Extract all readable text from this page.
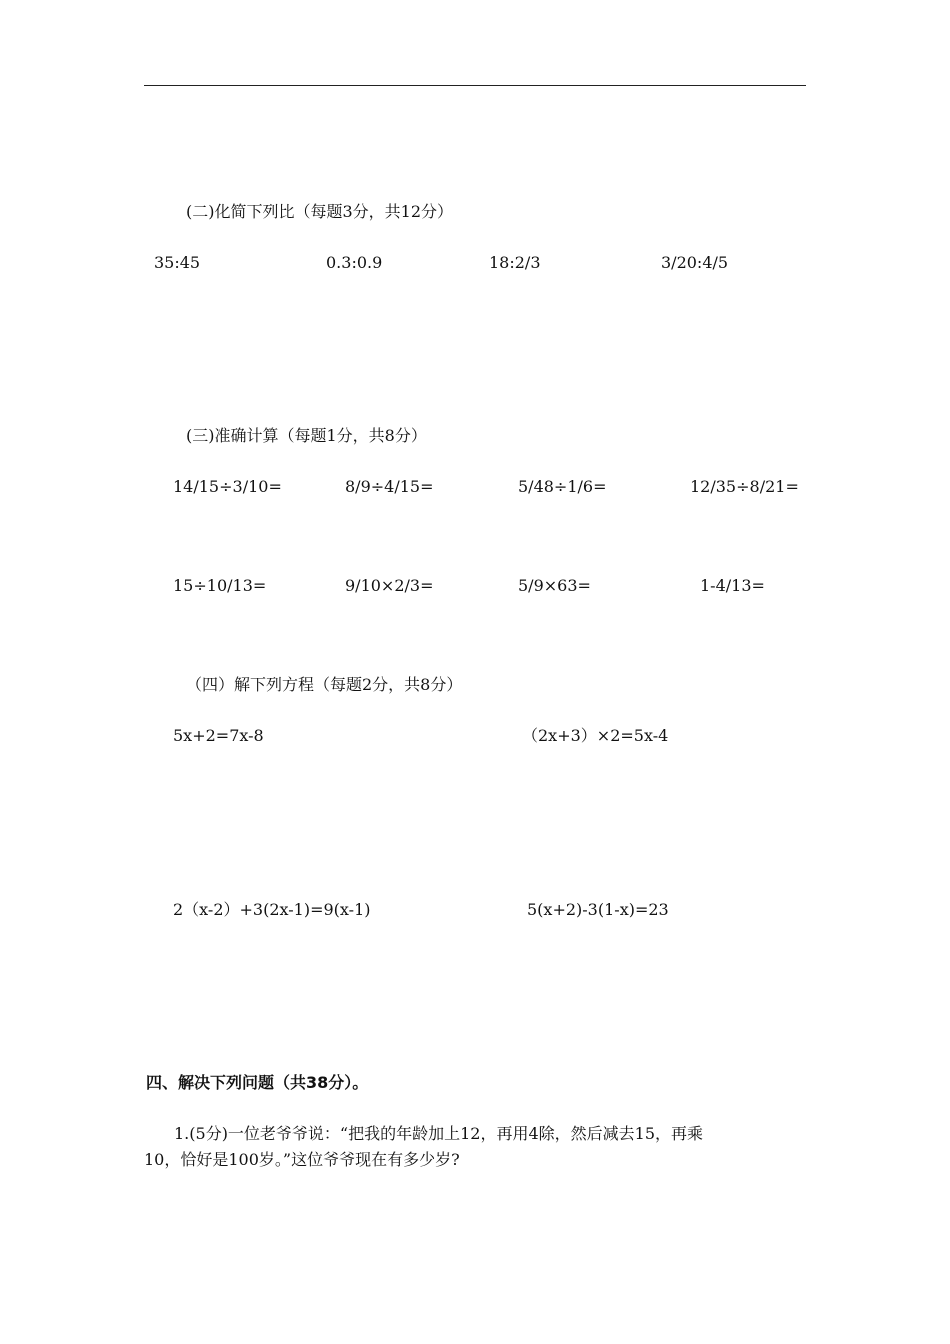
(二)化简下列比（每题3分，共12分）
35:45	0.3:0.9	18:2/3	3/20:4/5
(三)准确计算（每题1分，共8分）
14/15÷3/10=	8/9÷4/15=	5/48÷1/6=	12/35÷8/21=
15÷10/13=	9/10×2/3=	5/9×63=	1-4/13=
（四）解下列方程（每题2分，共8分）
5x+2=7x-8	（2x+3）×2=5x-4
2（x-2）+3(2x-1)=9(x-1)	5(x+2)-3(1-x)=23
四、解决下列问题（共38分）。
1.(5分)一位老爷爷说：“把我的年龄加上12，再用4除，然后减去15，再乘
10，恰好是100岁。”这位爷爷现在有多少岁?
